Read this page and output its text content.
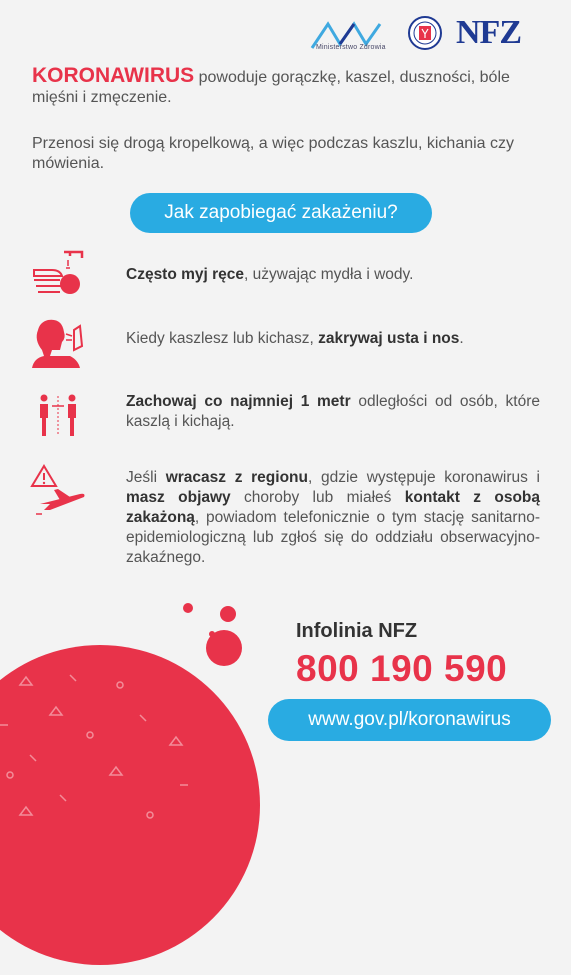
Ministerstwo Zdrowia NFZ
KORONAWIRUS powoduje gorączkę, kaszel, duszności, bóle mięśni i zmęczenie.
Przenosi się drogą kropelkową, a więc podczas kaszlu, kichania czy mówienia.
Jak zapobiegać zakażeniu?
Często myj ręce, używając mydła i wody.
Kiedy kaszlesz lub kichasz, zakrywaj usta i nos.
Zachowaj co najmniej 1 metr odległości od osób, które kaszlą i kichają.
Jeśli wracasz z regionu, gdzie występuje koronawirus i masz objawy choroby lub miałeś kontakt z osobą zakażoną, powiadom telefonicznie o tym stację sanitarno-epidemiologiczną lub zgłoś się do oddziału obserwacyjno-zakaźnego.
Infolinia NFZ
800 190 590
www.gov.pl/koronawirus
